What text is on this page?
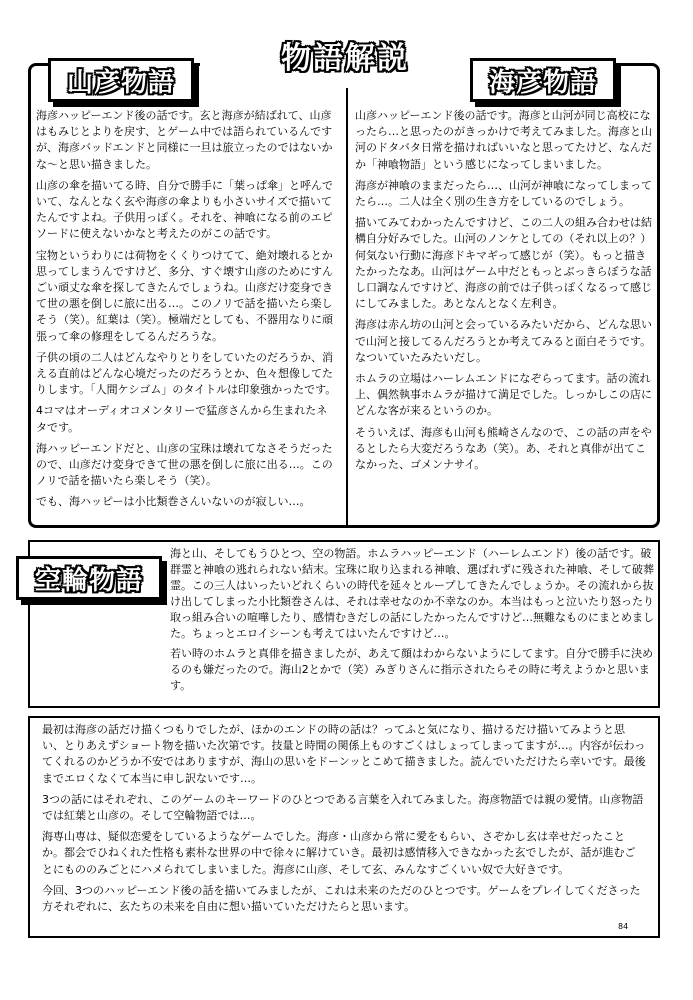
物語解説
山彦物語	海彦物語

海彦ハッピーエンド後の話です。玄と海彦が結ばれて、山彦はもみじとよりを戻す、とゲーム中では語られているんですが、海彦バッドエンドと同様に一旦は旅立ったのではないかな〜と思い描きました。

山彦の傘を描いてる時、自分で勝手に「葉っぱ傘」と呼んでいて、なんとなく玄や海彦の傘よりも小さいサイズで描いてたんですよね。子供用っぽく。それを、神喰になる前のエピソードに使えないかなと考えたのがこの話です。

宝物というわりには荷物をくくりつけてて、絶対壊れるとか思ってしまうんですけど、多分、すぐ壊す山彦のためにすんごい頑丈な傘を探してきたんでしょうね。山彦だけ変身できて世の悪を倒しに旅に出る…。このノリで話を描いたら楽しそう（笑）。紅葉は（笑）。極端だとしても、不器用なりに頑張って傘の修理をしてるんだろうな。

子供の頃の二人はどんなやりとりをしていたのだろうか、消える直前はどんな心境だったのだろうとか、色々想像してたりします。「人間ケシゴム」のタイトルは印象強かったです。

4コマはオーディオコメンタリーで猛彦さんから生まれたネタです。

海ハッピーエンドだと、山彦の宝珠は壊れてなさそうだったので、山彦だけ変身できて世の悪を倒しに旅に出る…。このノリで話を描いたら楽しそう（笑）。

でも、海ハッピーは小比類巻さんいないのが寂しい…。

山彦ハッピーエンド後の話です。海彦と山河が同じ高校になったら…と思ったのがきっかけで考えてみました。海彦と山河のドタバタ日常を描ければいいなと思ってたけど、なんだか「神喰物語」という感じになってしまいました。

海彦が神喰のままだったら…、山河が神喰になってしまってたら…。二人は全く別の生き方をしているのでしょう。

描いてみてわかったんですけど、この二人の組み合わせは結構自分好みでした。山河のノンケとしての（それ以上の？）何気ない行動に海彦ドキマギって感じが（笑）。もっと描きたかったなあ。山河はゲーム中だともっとぶっきらぼうな話し口調なんですけど、海彦の前では子供っぽくなるって感じにしてみました。あとなんとなく左利き。

海彦は赤ん坊の山河と会っているみたいだから、どんな思いで山河と接してるんだろうとか考えてみると面白そうです。なついていたみたいだし。

ホムラの立場はハーレムエンドになぞらってます。話の流れ上、偶然執事ホムラが描けて満足でした。しっかしこの店にどんな客が来るというのか。

そういえば、海彦も山河も熊崎さんなので、この話の声をやるとしたら大変だろうなあ（笑）。あ、それと真俳が出てこなかった、ゴメンナサイ。

空輪物語

海と山、そしてもうひとつ、空の物語。ホムラハッピーエンド（ハーレムエンド）後の話です。破群霊と神喰の逃れられない結末。宝珠に取り込まれる神喰、選ばれずに残された神喰、そして破葬霊。この三人はいったいどれくらいの時代を延々とループしてきたんでしょうか。その流れから抜け出してしまった小比類巻さんは、それは幸せなのか不幸なのか。本当はもっと泣いたり怒ったり取っ組み合いの喧嘩したり、感情むきだしの話にしたかったんですけど…無難なものにまとめました。ちょっとエロイシーンも考えてはいたんですけど…。

若い時のホムラと真俳を描きましたが、あえて顔はわからないようにしてます。自分で勝手に決めるのも嫌だったので。海山2とかで（笑）みぎりさんに指示されたらその時に考えようかと思います。

最初は海彦の話だけ描くつもりでしたが、ほかのエンドの時の話は？ってふと気になり、描けるだけ描いてみようと思い、とりあえずショート物を描いた次第です。技量と時間の関係上ものすごくはしょってしまってますが…。内容が伝わってくれるのかどうか不安ではありますが、海山の思いをドーンッとこめて描きました。読んでいただけたら幸いです。最後までエロくなくて本当に申し訳ないです…。

3つの話にはそれぞれ、このゲームのキーワードのひとつである言葉を入れてみました。海彦物語では親の愛情。山彦物語では紅葉と山彦の。そして空輪物語では…。

海専山専は、疑似恋愛をしているようなゲームでした。海彦・山彦から常に愛をもらい、さぞかし玄は幸せだったことか。都会でひねくれた性格も素朴な世界の中で徐々に解けていき。最初は感情移入できなかった玄でしたが、話が進むごとにもののみごとにハメられてしまいました。海彦に山彦、そして玄、みんなすごくいい奴で大好きです。

今回、3つのハッピーエンド後の話を描いてみましたが、これは未来のただのひとつです。ゲームをプレイしてくださった方それぞれに、玄たちの未来を自由に想い描いていただけたらと思います。

84
